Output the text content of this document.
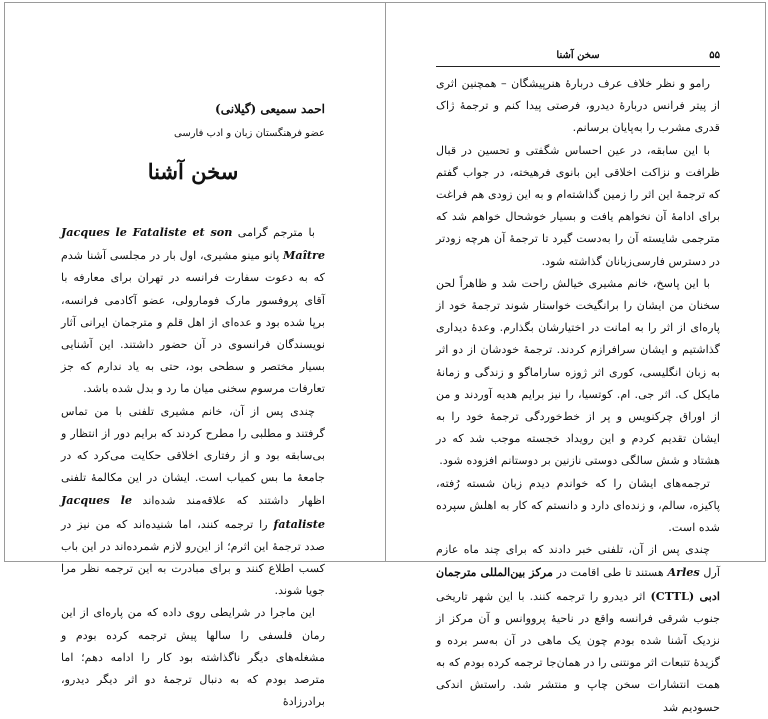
احمد سمیعی (گیلانی)
عضو فرهنگستان زبان و ادب فارسی
سخن آشنا

با مترجم گرامی Jacques le Fataliste et son Maître پانو مینو مشیری، اول بار در مجلسی آشنا شدم که به دعوت سفارت فرانسه در تهران برای معارفه با آقای پروفسور مارک فومارولی، عضو آکادمی فرانسه، برپا شده بود و عده‌ای از اهل قلم و مترجمان ایرانی آثار نویسندگان فرانسوی در آن حضور داشتند. این آشنایی بسیار مختصر و سطحی بود، حتی به یاد ندارم که جز تعارفات مرسوم سخنی میان ما رد و بدل شده باشد.

چندی پس از آن، خانم مشیری تلفنی با من تماس گرفتند و مطلبی را مطرح کردند که برایم دور از انتظار و بی‌سابقه بود و از رفتاری اخلاقی حکایت می‌کرد که در جامعهٔ ما بس کمیاب است. ایشان در این مکالمهٔ تلفنی اظهار داشتند که علاقه‌مند شده‌اند Jacques le fataliste را ترجمه کنند، اما شنیده‌اند که من نیز در صدد ترجمهٔ این اثرم؛ از این‌رو لازم شمرده‌اند در این باب کسب اطلاع کنند و برای مبادرت به این ترجمه نظر مرا جویا شوند.

این ماجرا در شرایطی روی داده که من پاره‌ای از این رمان فلسفی را سالها پیش ترجمه کرده بودم و مشغله‌های دیگر ناگذاشته بود کار را ادامه دهم؛ اما مترصد بودم که به دنبال ترجمهٔ دو اثر دیگر دیدرو، برادرزادهٔ

۵۵
سخن آشنا

رامو و نظر خلاف عرف دربارهٔ هنرپیشگان – همچنین اثری از پیتر فرانس دربارهٔ دیدرو، فرصتی پیدا کنم و ترجمهٔ ژاک قدری مشرب را به‌پایان برسانم.

با این سابقه، در عین احساس شگفتی و تحسین در قبال ظرافت و نزاکت اخلاقی این بانوی فرهیخته، در جواب گفتم که ترجمهٔ این اثر را زمین گذاشته‌ام و به این زودی هم فراغت برای ادامهٔ آن نخواهم یافت و بسیار خوشحال خواهم شد که مترجمی شایسته آن را به‌دست گیرد تا ترجمهٔ آن هرچه زودتر در دسترس فارسی‌زبانان گذاشته شود.

با این پاسخ، خانم مشیری خیالش راحت شد و ظاهراً لحن سخنان من ایشان را برانگیخت خواستار شوند ترجمهٔ خود از پاره‌ای از اثر را به امانت در اختیارشان بگذارم. وعدهٔ دیداری گذاشتیم و ایشان سرافرازم کردند. ترجمهٔ خودشان از دو اثر به زبان انگلیسی، کوری اثر ژوزه ساراماگو و زندگی و زمانهٔ مایکل ک. اثر جی. ام. کوتسیا، را نیز برایم هدیه آوردند و من از اوراق چرکنویس و پر از خط‌خوردگی ترجمهٔ خود را به ایشان تقدیم کردم و این رویداد خجسته موجب شد که در هشتاد و شش سالگی دوستی نازنین بر دوستانم افزوده شود.

ترجمه‌های ایشان را که خواندم دیدم زبان شسته رُفته، پاکیزه، سالم، و زنده‌ای دارد و دانستم که کار به اهلش سپرده شده است.

چندی پس از آن، تلفنی خبر دادند که برای چند ماه عازم آرل Arles هستند تا طی اقامت در مرکز بین‌المللی مترجمان ادبی (CTTL) اثر دیدرو را ترجمه کنند. با این شهر تاریخی جنوب شرقی فرانسه واقع در ناحیهٔ پرووانس و آن مرکز از نزدیک آشنا شده بودم چون یک ماهی در آن به‌سر برده و گزیدهٔ تتبعات اثر مونتنی را در همان‌جا ترجمه کرده بودم که به همت انتشارات سخن چاپ و منتشر شد. راستش اندکی حسودیم شد
